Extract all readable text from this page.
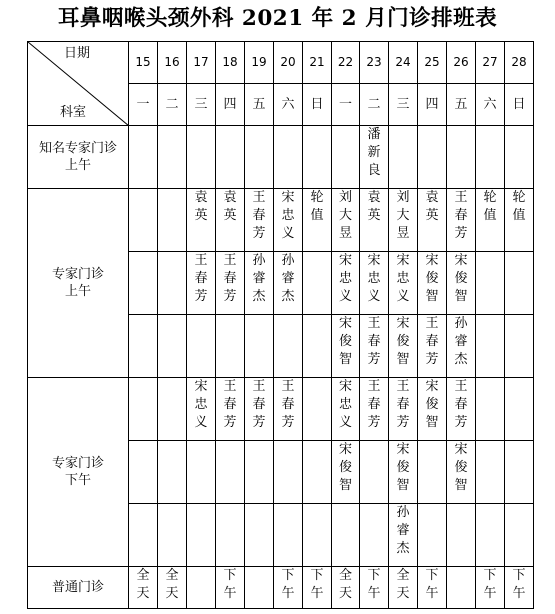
耳鼻咽喉头颈外科 2021 年 2 月门诊排班表
日期
科室	15	16	17	18	19	20	21	22	23	24	25	26	27	28
	一	二	三	四	五	六	日	一	二	三	四	五	六	日
知名专家门诊
上午									潘新良					
专家门诊
上午			袁英	袁英	王春芳	宋忠义	轮值	刘大昱	袁英	刘大昱	袁英	王春芳	轮值	轮值
			王春芳	王春芳	孙睿杰	孙睿杰		宋忠义	宋忠义	宋忠义	宋俊智	宋俊智		
								宋俊智	王春芳	宋俊智	王春芳	孙睿杰		
专家门诊
下午			宋忠义	王春芳	王春芳	王春芳		宋忠义	王春芳	王春芳	宋俊智	王春芳		
								宋俊智		宋俊智		宋俊智		
										孙睿杰				
普通门诊	全天	全天		下午		下午	下午	全天	下午	全天	下午		下午	下午
